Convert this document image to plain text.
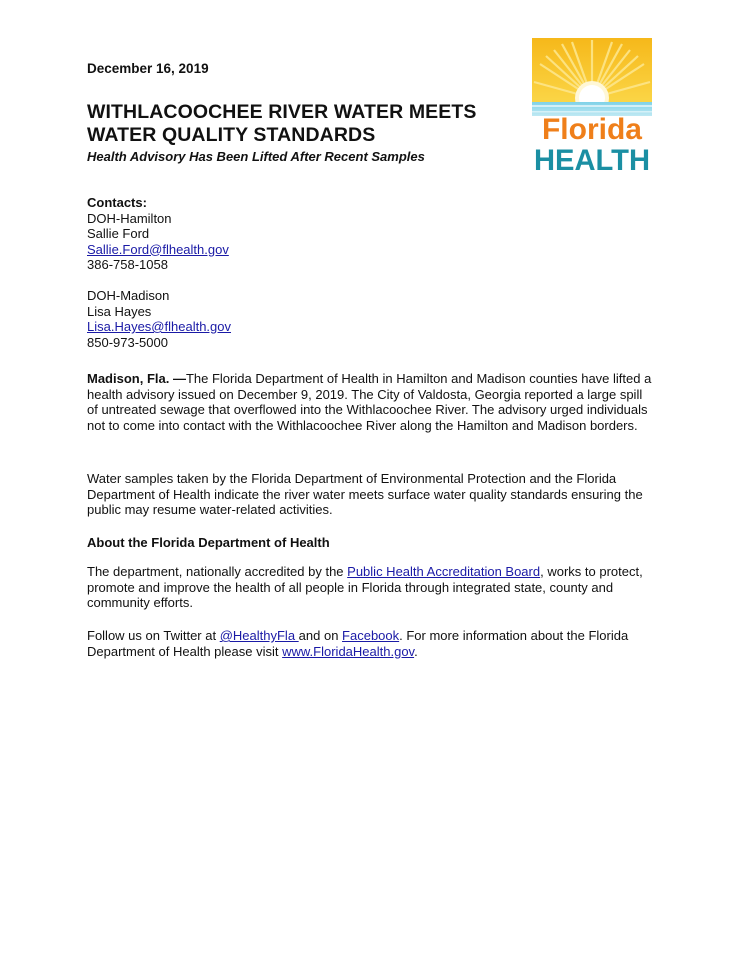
December 16, 2019
WITHLACOOCHEE RIVER WATER MEETS
WATER QUALITY STANDARDS
Health Advisory Has Been Lifted After Recent Samples
Florida
HEALTH
Contacts:
DOH-Hamilton
Sallie Ford
Sallie.Ford@flhealth.gov
386-758-1058
DOH-Madison
Lisa Hayes
Lisa.Hayes@flhealth.gov
850-973-5000
Madison, Fla. —The Florida Department of Health in Hamilton and Madison counties have lifted a health advisory issued on December 9, 2019. The City of Valdosta, Georgia reported a large spill of untreated sewage that overflowed into the Withlacoochee River. The advisory urged individuals not to come into contact with the Withlacoochee River along the Hamilton and Madison borders.
Water samples taken by the Florida Department of Environmental Protection and the Florida Department of Health indicate the river water meets surface water quality standards ensuring the public may resume water-related activities.
About the Florida Department of Health
The department, nationally accredited by the Public Health Accreditation Board, works to protect, promote and improve the health of all people in Florida through integrated state, county and community efforts.
Follow us on Twitter at @HealthyFla and on Facebook. For more information about the Florida Department of Health please visit www.FloridaHealth.gov.
